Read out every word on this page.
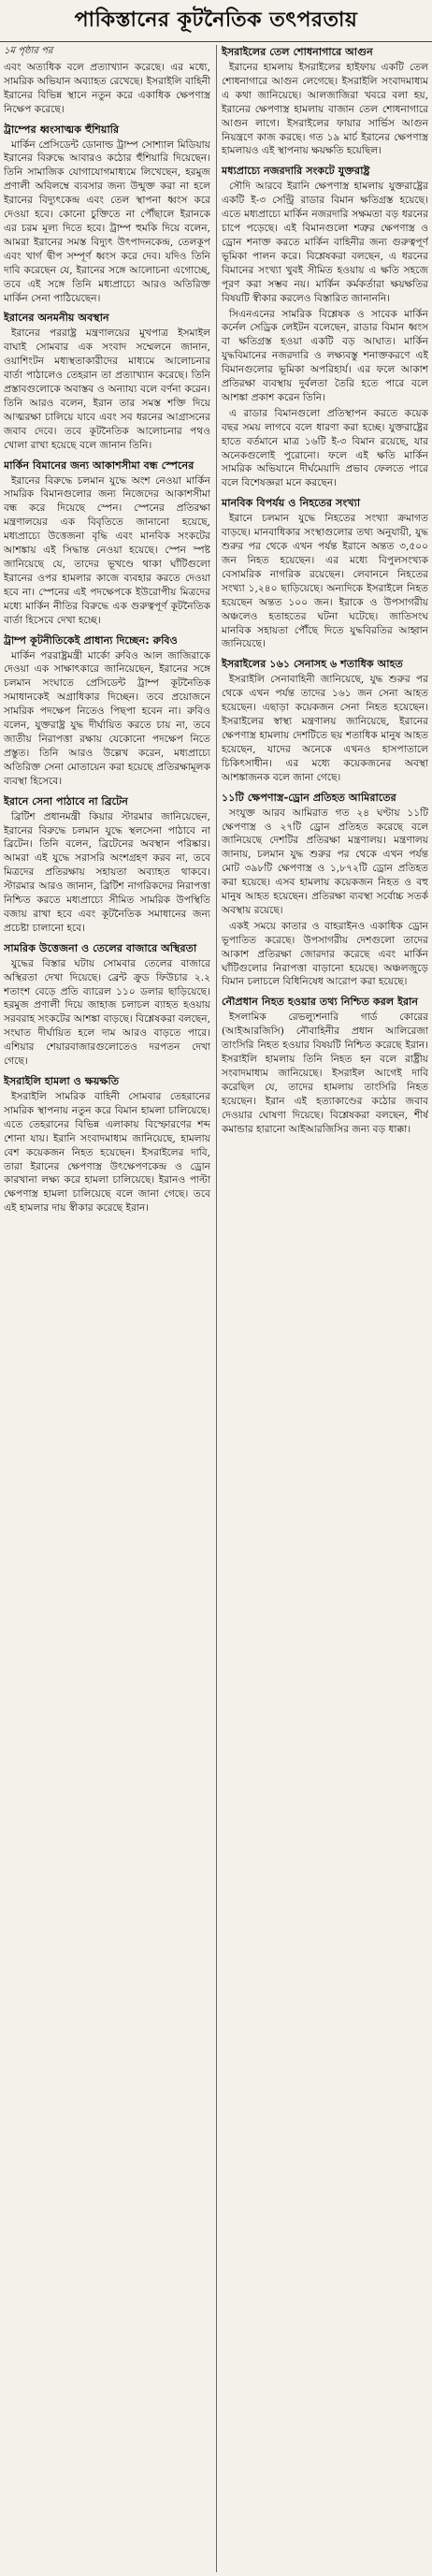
পাকিস্তানের কূটনৈতিক তৎপরতায়
১ম পৃষ্ঠার পর

এবং অত্যধিক বলে প্রত্যাখ্যান করেছে। এর মধ্যে, সামরিক অভিযান অব্যাহত রেখেছে। ইসরাইলি বাহিনী ইরানের বিভিন্ন স্থানে নতুন করে একাধিক ক্ষেপণাস্ত্র নিক্ষেপ করেছে।

ট্রাম্পের ধ্বংসাত্মক হুঁশিয়ারি

মার্কিন প্রেসিডেন্ট ডোনাল্ড ট্রাম্প সোশ্যাল মিডিয়ায় ইরানের বিরুদ্ধে আবারও কঠোর হুঁশিয়ারি দিয়েছেন। তিনি সামাজিক যোগাযোগমাধ্যমে লিখেছেন, হরমুজ প্রণালী অবিলম্বে ব্যবসার জন্য উন্মুক্ত করা না হলে ইরানের বিদ্যুৎকেন্দ্র এবং তেল স্থাপনা ধ্বংস করে দেওয়া হবে। কোনো চুক্তিতে না পৌঁছালে ইরানকে এর চরম মূল্য দিতে হবে। ট্রাম্প হুমকি দিয়ে বলেন, আমরা ইরানের সমস্ত বিদ্যুৎ উৎপাদনকেন্দ্র, তেলকূপ এবং খার্গ দ্বীপ সম্পূর্ণ ধ্বংস করে দেব। যদিও তিনি দাবি করেছেন যে, ইরানের সঙ্গে আলোচনা এগোচ্ছে, তবে এই সঙ্গে তিনি মধ্যপ্রাচ্যে আরও অতিরিক্ত মার্কিন সেনা পাঠিয়েছেন।

ইরানের অনমনীয় অবস্থান

ইরানের পররাষ্ট্র মন্ত্রণালয়ের মুখপাত্র ইসমাইল বাঘাই সোমবার এক সংবাদ সম্মেলনে জানান, ওয়াশিংটন মধ্যস্থতাকারীদের মাধ্যমে আলোচনার বার্তা পাঠালেও তেহরান তা প্রত্যাখ্যান করেছে। তিনি প্রস্তাবগুলোকে অবাস্তব ও অন্যায্য বলে বর্ণনা করেন। তিনি আরও বলেন, ইরান তার সমস্ত শক্তি দিয়ে আত্মরক্ষা চালিয়ে যাবে এবং সব ধরনের আগ্রাসনের জবাব দেবে। তবে কূটনৈতিক আলোচনার পথও খোলা রাখা হয়েছে বলে জানান তিনি।

মার্কিন বিমানের জন্য আকাশসীমা বন্ধ স্পেনের

ইরানের বিরুদ্ধে চলমান যুদ্ধে অংশ নেওয়া মার্কিন সামরিক বিমানগুলোর জন্য নিজেদের আকাশসীমা বন্ধ করে দিয়েছে স্পেন। স্পেনের প্রতিরক্ষা মন্ত্রণালয়ের এক বিবৃতিতে জানানো হয়েছে, মধ্যপ্রাচ্যে উত্তেজনা বৃদ্ধি এবং মানবিক সংকটের আশঙ্কায় এই সিদ্ধান্ত নেওয়া হয়েছে। স্পেন স্পষ্ট জানিয়েছে যে, তাদের ভূখণ্ডে থাকা ঘাঁটিগুলো ইরানের ওপর হামলার কাজে ব্যবহার করতে দেওয়া হবে না। স্পেনের এই পদক্ষেপকে ইউরোপীয় মিত্রদের মধ্যে মার্কিন নীতির বিরুদ্ধে এক গুরুত্বপূর্ণ কূটনৈতিক বার্তা হিসেবে দেখা হচ্ছে।

ট্রাম্প কূটনীতিকেই প্রাধান্য দিচ্ছেন: রুবিও

মার্কিন পররাষ্ট্রমন্ত্রী মার্কো রুবিও আল জাজিরাকে দেওয়া এক সাক্ষাৎকারে জানিয়েছেন, ইরানের সঙ্গে চলমান সংঘাতে প্রেসিডেন্ট ট্রাম্প কূটনৈতিক সমাধানকেই অগ্রাধিকার দিচ্ছেন। তবে প্রয়োজনে সামরিক পদক্ষেপ নিতেও পিছপা হবেন না। রুবিও বলেন, যুক্তরাষ্ট্র যুদ্ধ দীর্ঘায়িত করতে চায় না, তবে জাতীয় নিরাপত্তা রক্ষায় যেকোনো পদক্ষেপ নিতে প্রস্তুত। তিনি আরও উল্লেখ করেন, মধ্যপ্রাচ্যে অতিরিক্ত সেনা মোতায়েন করা হয়েছে প্রতিরক্ষামূলক ব্যবস্থা হিসেবে।

ইরানে সেনা পাঠাবে না ব্রিটেন

ব্রিটিশ প্রধানমন্ত্রী কিয়ার স্টারমার জানিয়েছেন, ইরানের বিরুদ্ধে চলমান যুদ্ধে স্থলসেনা পাঠাবে না ব্রিটেন। তিনি বলেন, ব্রিটেনের অবস্থান পরিষ্কার। আমরা এই যুদ্ধে সরাসরি অংশগ্রহণ করব না, তবে মিত্রদের প্রতিরক্ষায় সহায়তা অব্যাহত থাকবে। স্টারমার আরও জানান, ব্রিটিশ নাগরিকদের নিরাপত্তা নিশ্চিত করতে মধ্যপ্রাচ্যে সীমিত সামরিক উপস্থিতি বজায় রাখা হবে এবং কূটনৈতিক সমাধানের জন্য প্রচেষ্টা চালানো হবে।

সামরিক উত্তেজনা ও তেলের বাজারে অস্থিরতা

যুদ্ধের বিস্তার ঘটায় সোমবার তেলের বাজারে অস্থিরতা দেখা দিয়েছে। ব্রেন্ট ক্রুড ফিউচার ২.২ শতাংশ বেড়ে প্রতি ব্যারেল ১১০ ডলার ছাড়িয়েছে। হরমুজ প্রণালী দিয়ে জাহাজ চলাচল ব্যাহত হওয়ায় সরবরাহ সংকটের আশঙ্কা বাড়ছে। বিশ্লেষকরা বলছেন, সংঘাত দীর্ঘায়িত হলে দাম আরও বাড়তে পারে। এশিয়ার শেয়ারবাজারগুলোতেও দরপতন দেখা গেছে।

ইসরাইলি হামলা ও ক্ষয়ক্ষতি

ইসরাইলি সামরিক বাহিনী সোমবার তেহরানের সামরিক স্থাপনায় নতুন করে বিমান হামলা চালিয়েছে। এতে তেহরানের বিভিন্ন এলাকায় বিস্ফোরণের শব্দ শোনা যায়। ইরানি সংবাদমাধ্যম জানিয়েছে, হামলায় বেশ কয়েকজন নিহত হয়েছেন। ইসরাইলের দাবি, তারা ইরানের ক্ষেপণাস্ত্র উৎক্ষেপণকেন্দ্র ও ড্রোন কারখানা লক্ষ্য করে হামলা চালিয়েছে। ইরানও পাল্টা ক্ষেপণাস্ত্র হামলা চালিয়েছে বলে জানা গেছে। তবে এই হামলার দায় স্বীকার করেছে ইরান।

ইসরাইলের তেল শোধনাগারে আগুন

ইরানের হামলায় ইসরাইলের হাইফায় একটি তেল শোধনাগারে আগুন লেগেছে। ইসরাইলি সংবাদমাধ্যম এ কথা জানিয়েছে। আলজাজিরা খবরে বলা হয়, ইরানের ক্ষেপণাস্ত্র হামলায় বাজান তেল শোধনাগারে আগুন লাগে। ইসরাইলের ফায়ার সার্ভিস আগুন নিয়ন্ত্রণে কাজ করছে। গত ১৯ মার্চ ইরানের ক্ষেপণাস্ত্র হামলায়ও এই স্থাপনায় ক্ষয়ক্ষতি হয়েছিল।

মধ্যপ্রাচ্যে নজরদারি সংকটে যুক্তরাষ্ট্র

সৌদি আরবে ইরানি ক্ষেপণাস্ত্র হামলায় যুক্তরাষ্ট্রের একটি ই-৩ সেন্ট্রি রাডার বিমান ক্ষতিগ্রস্ত হয়েছে। এতে মধ্যপ্রাচ্যে মার্কিন নজরদারি সক্ষমতা বড় ধরনের চাপে পড়েছে। এই বিমানগুলো শত্রুর ক্ষেপণাস্ত্র ও ড্রোন শনাক্ত করতে মার্কিন বাহিনীর জন্য গুরুত্বপূর্ণ ভূমিকা পালন করে। বিশ্লেষকরা বলছেন, এ ধরনের বিমানের সংখ্যা খুবই সীমিত হওয়ায় এ ক্ষতি সহজে পূরণ করা সম্ভব নয়। মার্কিন কর্মকর্তারা ক্ষয়ক্ষতির বিষয়টি স্বীকার করলেও বিস্তারিত জানাননি।

সিএনএনের সামরিক বিশ্লেষক ও সাবেক মার্কিন কর্নেল সেড্রিক লেইটন বলেছেন, রাডার বিমান ধ্বংস বা ক্ষতিগ্রস্ত হওয়া একটি বড় আঘাত। মার্কিন যুদ্ধবিমানের নজরদারি ও লক্ষ্যবস্তু শনাক্তকরণে এই বিমানগুলোর ভূমিকা অপরিহার্য। এর ফলে আকাশ প্রতিরক্ষা ব্যবস্থায় দুর্বলতা তৈরি হতে পারে বলে আশঙ্কা প্রকাশ করেন তিনি।

এ রাডার বিমানগুলো প্রতিস্থাপন করতে কয়েক বছর সময় লাগবে বলে ধারণা করা হচ্ছে। যুক্তরাষ্ট্রের হাতে বর্তমানে মাত্র ১৬টি ই-৩ বিমান রয়েছে, যার অনেকগুলোই পুরোনো। ফলে এই ক্ষতি মার্কিন সামরিক অভিযানে দীর্ঘমেয়াদি প্রভাব ফেলতে পারে বলে বিশেষজ্ঞরা মনে করছেন।

মানবিক বিপর্যয় ও নিহতের সংখ্যা

ইরানে চলমান যুদ্ধে নিহতের সংখ্যা ক্রমাগত বাড়ছে। মানবাধিকার সংস্থাগুলোর তথ্য অনুযায়ী, যুদ্ধ শুরুর পর থেকে এখন পর্যন্ত ইরানে অন্তত ৩,৫০০ জন নিহত হয়েছেন। এর মধ্যে বিপুলসংখ্যক বেসামরিক নাগরিক রয়েছেন। লেবাননে নিহতের সংখ্যা ১,২৪০ ছাড়িয়েছে। অন্যদিকে ইসরাইলে নিহত হয়েছেন অন্তত ১০০ জন। ইরাকে ও উপসাগরীয় অঞ্চলেও হতাহতের ঘটনা ঘটেছে। জাতিসংঘ মানবিক সহায়তা পৌঁছে দিতে যুদ্ধবিরতির আহ্বান জানিয়েছে।

ইসরাইলের ১৬১ সেনাসহ ৬ শতাধিক আহত

ইসরাইলি সেনাবাহিনী জানিয়েছে, যুদ্ধ শুরুর পর থেকে এখন পর্যন্ত তাদের ১৬১ জন সেনা আহত হয়েছেন। এছাড়া কয়েকজন সেনা নিহত হয়েছেন। ইসরাইলের স্বাস্থ্য মন্ত্রণালয় জানিয়েছে, ইরানের ক্ষেপণাস্ত্র হামলায় দেশটিতে ছয় শতাধিক মানুষ আহত হয়েছেন, যাদের অনেকে এখনও হাসপাতালে চিকিৎসাধীন। এর মধ্যে কয়েকজনের অবস্থা আশঙ্কাজনক বলে জানা গেছে।

১১টি ক্ষেপণাস্ত্র-ড্রোন প্রতিহত আমিরাতের

সংযুক্ত আরব আমিরাত গত ২৪ ঘণ্টায় ১১টি ক্ষেপণাস্ত্র ও ২৭টি ড্রোন প্রতিহত করেছে বলে জানিয়েছে দেশটির প্রতিরক্ষা মন্ত্রণালয়। মন্ত্রণালয় জানায়, চলমান যুদ্ধ শুরুর পর থেকে এখন পর্যন্ত মোট ৩৯৮টি ক্ষেপণাস্ত্র ও ১,৮৭২টি ড্রোন প্রতিহত করা হয়েছে। এসব হামলায় কয়েকজন নিহত ও বহু মানুষ আহত হয়েছেন। প্রতিরক্ষা ব্যবস্থা সর্বোচ্চ সতর্ক অবস্থায় রয়েছে।

একই সময়ে কাতার ও বাহরাইনও একাধিক ড্রোন ভূপাতিত করেছে। উপসাগরীয় দেশগুলো তাদের আকাশ প্রতিরক্ষা জোরদার করেছে এবং মার্কিন ঘাঁটিগুলোর নিরাপত্তা বাড়ানো হয়েছে। অঞ্চলজুড়ে বিমান চলাচলে বিধিনিষেধ আরোপ করা হয়েছে।

নৌপ্রধান নিহত হওয়ার তথ্য নিশ্চিত করল ইরান

ইসলামিক রেভল্যুশনারি গার্ড কোরের (আইআরজিসি) নৌবাহিনীর প্রধান আলিরেজা তাংসিরি নিহত হওয়ার বিষয়টি নিশ্চিত করেছে ইরান। ইসরাইলি হামলায় তিনি নিহত হন বলে রাষ্ট্রীয় সংবাদমাধ্যম জানিয়েছে। ইসরাইল আগেই দাবি করেছিল যে, তাদের হামলায় তাংসিরি নিহত হয়েছেন। ইরান এই হত্যাকাণ্ডের কঠোর জবাব দেওয়ার ঘোষণা দিয়েছে। বিশ্লেষকরা বলছেন, শীর্ষ কমান্ডার হারানো আইআরজিসির জন্য বড় ধাক্কা।
